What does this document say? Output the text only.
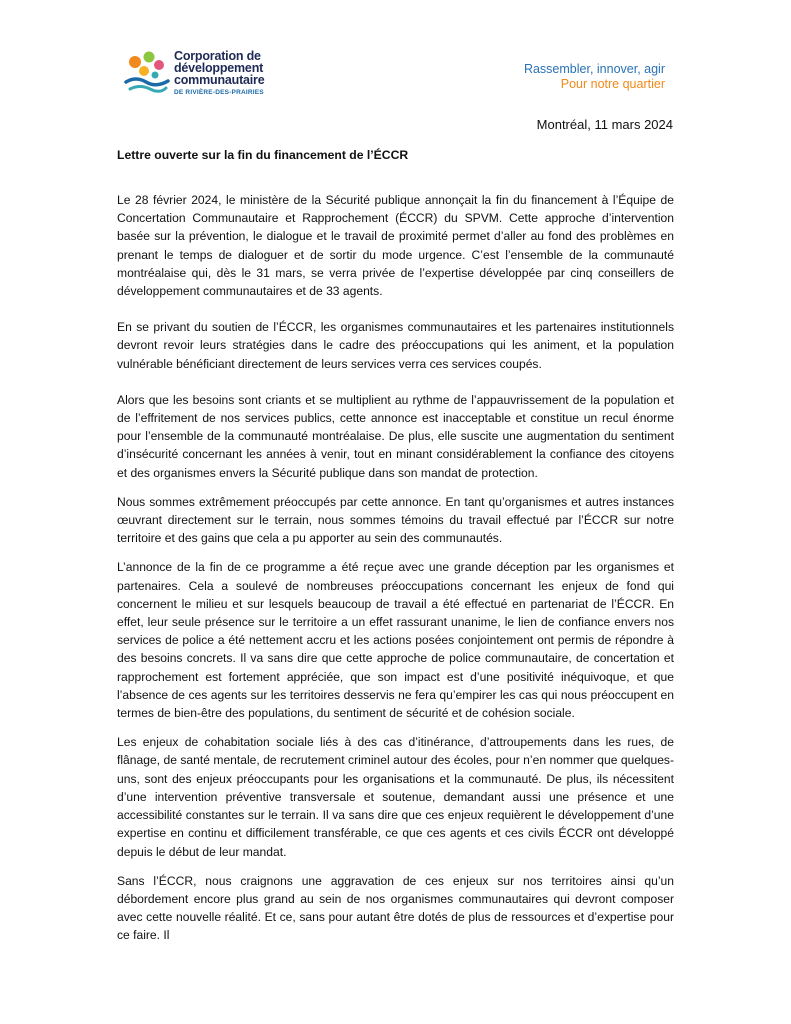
Corporation de
développement
communautaire
DE RIVIÈRE-DES-PRAIRIES
Rassembler, innover, agir
Pour notre quartier
Montréal, 11 mars 2024
Lettre ouverte sur la fin du financement de l’ÉCCR

Le 28 février 2024, le ministère de la Sécurité publique annonçait la fin du financement à l’Équipe de Concertation Communautaire et Rapprochement (ÉCCR) du SPVM. Cette approche d’intervention basée sur la prévention, le dialogue et le travail de proximité permet d’aller au fond des problèmes en prenant le temps de dialoguer et de sortir du mode urgence. C’est l’ensemble de la communauté montréalaise qui, dès le 31 mars, se verra privée de l’expertise développée par cinq conseillers de développement communautaires et de 33 agents.

En se privant du soutien de l’ÉCCR, les organismes communautaires et les partenaires institutionnels devront revoir leurs stratégies dans le cadre des préoccupations qui les animent, et la population vulnérable bénéficiant directement de leurs services verra ces services coupés.

Alors que les besoins sont criants et se multiplient au rythme de l’appauvrissement de la population et de l’effritement de nos services publics, cette annonce est inacceptable et constitue un recul énorme pour l’ensemble de la communauté montréalaise. De plus, elle suscite une augmentation du sentiment d’insécurité concernant les années à venir, tout en minant considérablement la confiance des citoyens et des organismes envers la Sécurité publique dans son mandat de protection.

Nous sommes extrêmement préoccupés par cette annonce. En tant qu’organismes et autres instances œuvrant directement sur le terrain, nous sommes témoins du travail effectué par l’ÉCCR sur notre territoire et des gains que cela a pu apporter au sein des communautés.

L’annonce de la fin de ce programme a été reçue avec une grande déception par les organismes et partenaires. Cela a soulevé de nombreuses préoccupations concernant les enjeux de fond qui concernent le milieu et sur lesquels beaucoup de travail a été effectué en partenariat de l’ÉCCR. En effet, leur seule présence sur le territoire a un effet rassurant unanime, le lien de confiance envers nos services de police a été nettement accru et les actions posées conjointement ont permis de répondre à des besoins concrets. Il va sans dire que cette approche de police communautaire, de concertation et rapprochement est fortement appréciée, que son impact est d’une positivité inéquivoque, et que l’absence de ces agents sur les territoires desservis ne fera qu’empirer les cas qui nous préoccupent en termes de bien-être des populations, du sentiment de sécurité et de cohésion sociale.

Les enjeux de cohabitation sociale liés à des cas d’itinérance, d’attroupements dans les rues, de flânage, de santé mentale, de recrutement criminel autour des écoles, pour n’en nommer que quelques-uns, sont des enjeux préoccupants pour les organisations et la communauté. De plus, ils nécessitent d’une intervention préventive transversale et soutenue, demandant aussi une présence et une accessibilité constantes sur le terrain. Il va sans dire que ces enjeux requièrent le développement d’une expertise en continu et difficilement transférable, ce que ces agents et ces civils ÉCCR ont développé depuis le début de leur mandat.

Sans l’ÉCCR, nous craignons une aggravation de ces enjeux sur nos territoires ainsi qu’un débordement encore plus grand au sein de nos organismes communautaires qui devront composer avec cette nouvelle réalité. Et ce, sans pour autant être dotés de plus de ressources et d’expertise pour ce faire. Il
